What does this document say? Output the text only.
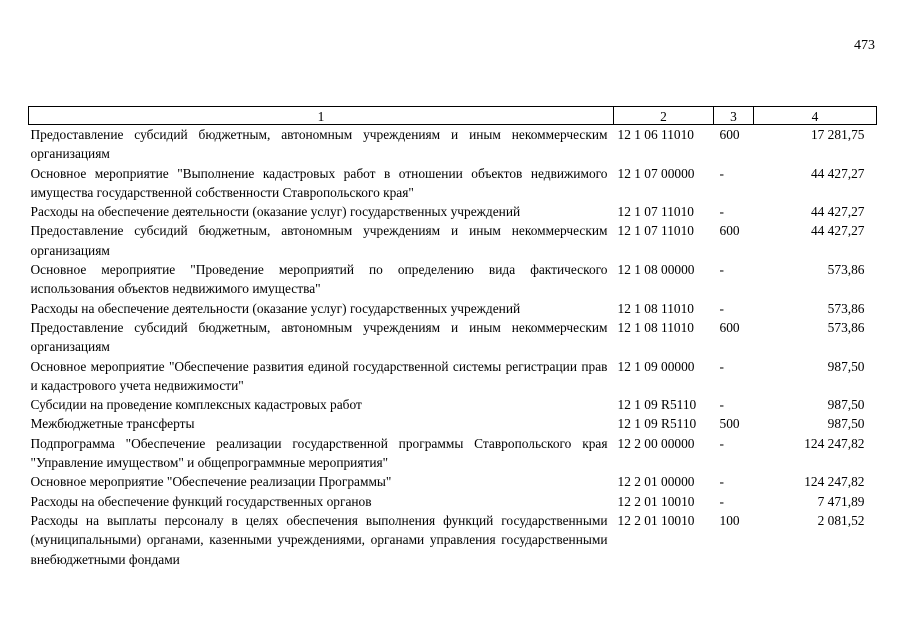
473
1	2	3	4
Предоставление субсидий бюджетным, автономным учреждениям и иным некоммерческим организациям	12 1 06 11010	600	17 281,75
Основное мероприятие "Выполнение кадастровых работ в отношении объектов недвижимого имущества государственной собственности Ставропольского края"	12 1 07 00000	-	44 427,27
Расходы на обеспечение деятельности (оказание услуг) государственных учреждений	12 1 07 11010	-	44 427,27
Предоставление субсидий бюджетным, автономным учреждениям и иным некоммерческим организациям	12 1 07 11010	600	44 427,27
Основное мероприятие "Проведение мероприятий по определению вида фактического использования объектов недвижимого имущества"	12 1 08 00000	-	573,86
Расходы на обеспечение деятельности (оказание услуг) государственных учреждений	12 1 08 11010	-	573,86
Предоставление субсидий бюджетным, автономным учреждениям и иным некоммерческим организациям	12 1 08 11010	600	573,86
Основное мероприятие "Обеспечение развития единой государственной системы регистрации прав и кадастрового учета недвижимости"	12 1 09 00000	-	987,50
Субсидии на проведение комплексных кадастровых работ	12 1 09 R5110	-	987,50
Межбюджетные трансферты	12 1 09 R5110	500	987,50
Подпрограмма "Обеспечение реализации государственной программы Ставропольского края "Управление имуществом" и общепрограммные мероприятия"	12 2 00 00000	-	124 247,82
Основное мероприятие "Обеспечение реализации Программы"	12 2 01 00000	-	124 247,82
Расходы на обеспечение функций государственных органов	12 2 01 10010	-	7 471,89
Расходы на выплаты персоналу в целях обеспечения выполнения функций государственными (муниципальными) органами, казенными учреждениями, органами управления государственными внебюджетными фондами	12 2 01 10010	100	2 081,52
